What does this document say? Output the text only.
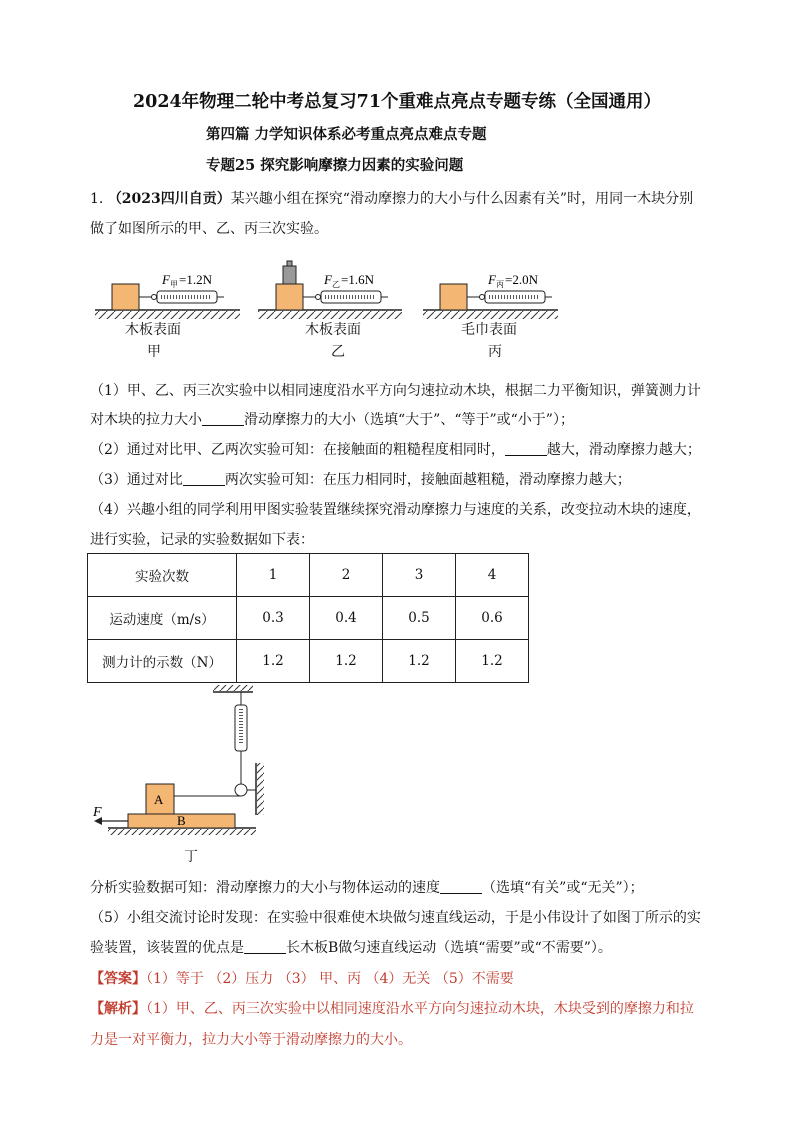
2024年物理二轮中考总复习71个重难点亮点专题专练（全国通用）
第四篇 力学知识体系必考重点亮点难点专题
专题25 探究影响摩擦力因素的实验问题
1. （2023四川自贡）某兴趣小组在探究“滑动摩擦力的大小与什么因素有关”时，用同一木块分别
做了如图所示的甲、乙、丙三次实验。
F 甲 =1.2N	F 乙 =1.6N	F 丙 =2.0N
木板表面
甲
木板表面
乙
毛巾表面
丙
（1）甲、乙、丙三次实验中以相同速度沿水平方向匀速拉动木块，根据二力平衡知识，弹簧测力计
对木块的拉力大小	滑动摩擦力的大小（选填“大于”、“等于”或“小于”）；
（2）通过对比甲、乙两次实验可知：在接触面的粗糙程度相同时，	越大，滑动摩擦力越大；
（3）通过对比	两次实验可知：在压力相同时，接触面越粗糙，滑动摩擦力越大；
（4）兴趣小组的同学利用甲图实验装置继续探究滑动摩擦力与速度的关系，改变拉动木块的速度，
进行实验，记录的实验数据如下表：
实验次数	1	2	3	4
运动速度（m/s）	0.3	0.4	0.5	0.6
测力计的示数（N）	1.2	1.2	1.2	1.2
F
A
B
丁
分析实验数据可知：滑动摩擦力的大小与物体运动的速度	（选填“有关”或“无关”）；
（5）小组交流讨论时发现：在实验中很难使木块做匀速直线运动，于是小伟设计了如图丁所示的实
验装置，该装置的优点是	长木板B做匀速直线运动（选填“需要”或“不需要”）。
【答案】（1）等于 （2）压力 （3） 甲、丙 （4）无关 （5）不需要
【解析】（1）甲、乙、丙三次实验中以相同速度沿水平方向匀速拉动木块，木块受到的摩擦力和拉
力是一对平衡力，拉力大小等于滑动摩擦力的大小。
